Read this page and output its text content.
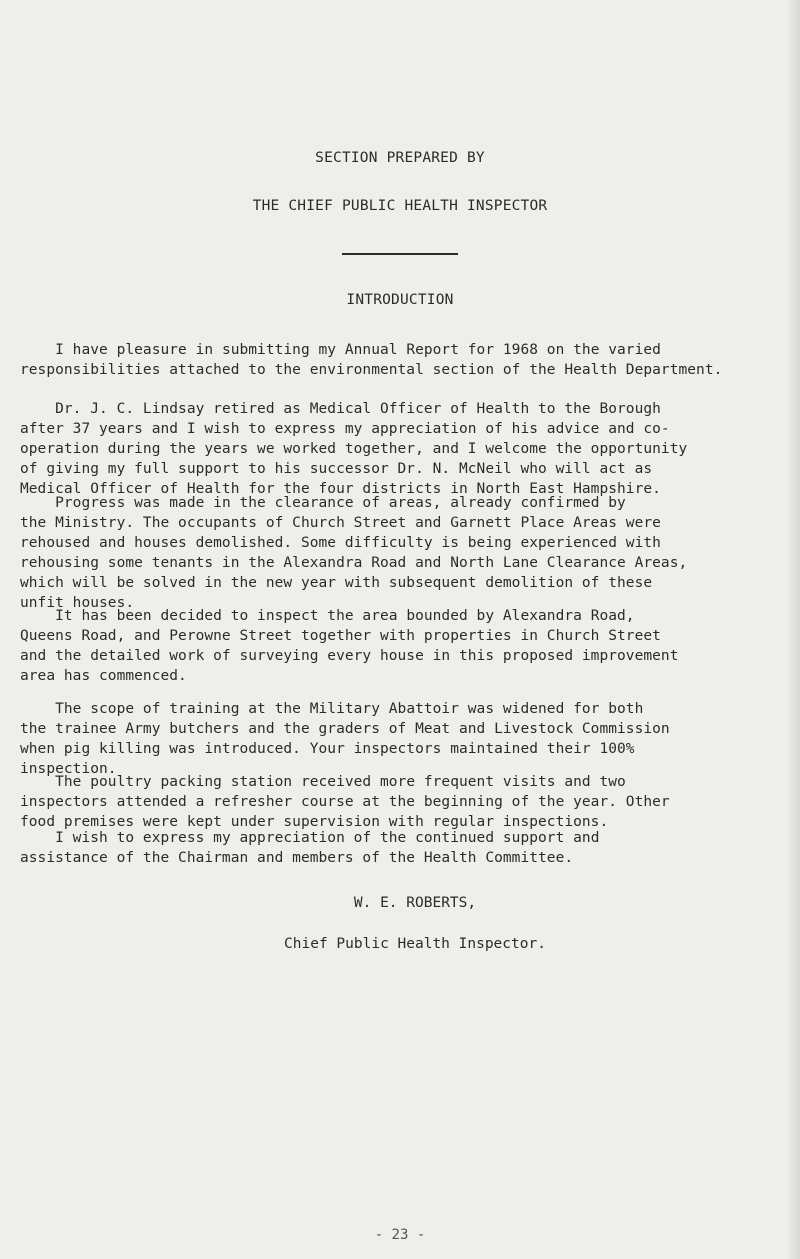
SECTION PREPARED BY
THE CHIEF PUBLIC HEALTH INSPECTOR
INTRODUCTION
I have pleasure in submitting my Annual Report for 1968 on the varied
responsibilities attached to the environmental section of the Health Department.
Dr. J. C. Lindsay retired as Medical Officer of Health to the Borough
after 37 years and I wish to express my appreciation of his advice and co-
operation during the years we worked together, and I welcome the opportunity
of giving my full support to his successor Dr. N. McNeil who will act as
Medical Officer of Health for the four districts in North East Hampshire.
Progress was made in the clearance of areas, already confirmed by
the Ministry. The occupants of Church Street and Garnett Place Areas were
rehoused and houses demolished. Some difficulty is being experienced with
rehousing some tenants in the Alexandra Road and North Lane Clearance Areas,
which will be solved in the new year with subsequent demolition of these
unfit houses.
It has been decided to inspect the area bounded by Alexandra Road,
Queens Road, and Perowne Street together with properties in Church Street
and the detailed work of surveying every house in this proposed improvement
area has commenced.
The scope of training at the Military Abattoir was widened for both
the trainee Army butchers and the graders of Meat and Livestock Commission
when pig killing was introduced. Your inspectors maintained their 100%
inspection.
The poultry packing station received more frequent visits and two
inspectors attended a refresher course at the beginning of the year. Other
food premises were kept under supervision with regular inspections.
I wish to express my appreciation of the continued support and
assistance of the Chairman and members of the Health Committee.
W. E. ROBERTS,
Chief Public Health Inspector.
- 23 -
